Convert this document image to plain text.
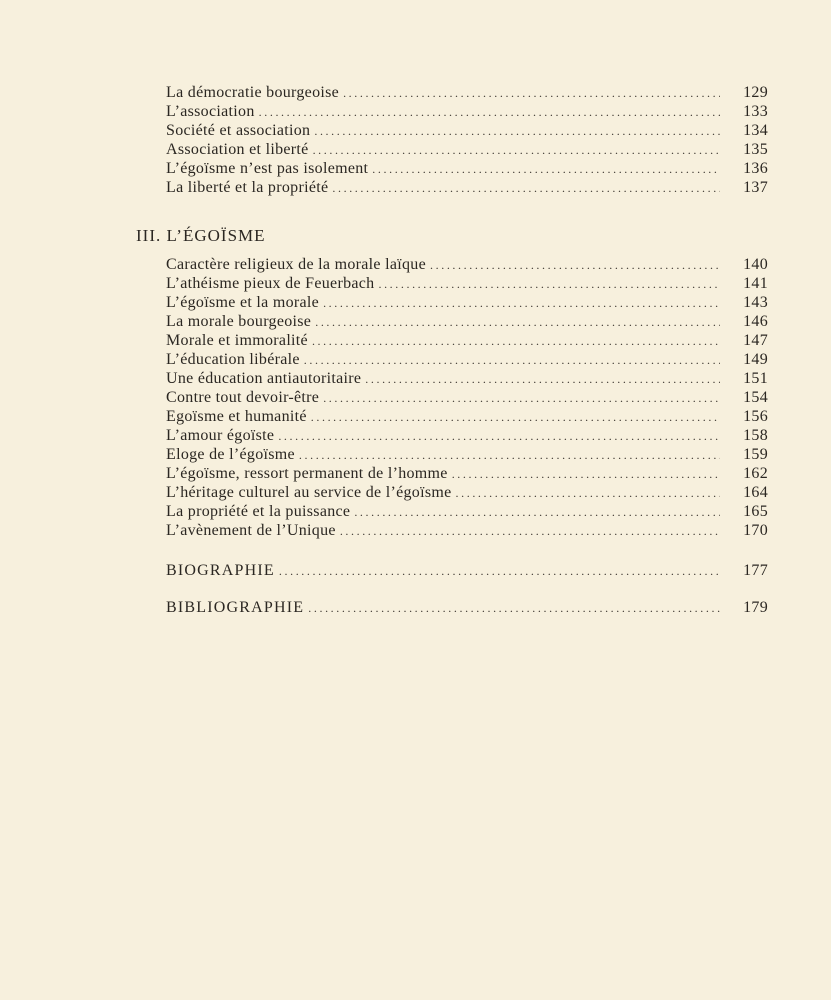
La démocratie bourgeoise .....	129
L’association .....	133
Société et association .....	134
Association et liberté .....	135
L’égoïsme n’est pas isolement .....	136
La liberté et la propriété .....	137
III. L’ÉGOÏSME
Caractère religieux de la morale laïque .....	140
L’athéisme pieux de Feuerbach .....	141
L’égoïsme et la morale .....	143
La morale bourgeoise .....	146
Morale et immoralité .....	147
L’éducation libérale .....	149
Une éducation antiautoritaire .....	151
Contre tout devoir-être .....	154
Egoïsme et humanité .....	156
L’amour égoïste .....	158
Eloge de l’égoïsme .....	159
L’égoïsme, ressort permanent de l’homme .....	162
L’héritage culturel au service de l’égoïsme .....	164
La propriété et la puissance .....	165
L’avènement de l’Unique .....	170
BIOGRAPHIE .....	177
BIBLIOGRAPHIE .....	179
